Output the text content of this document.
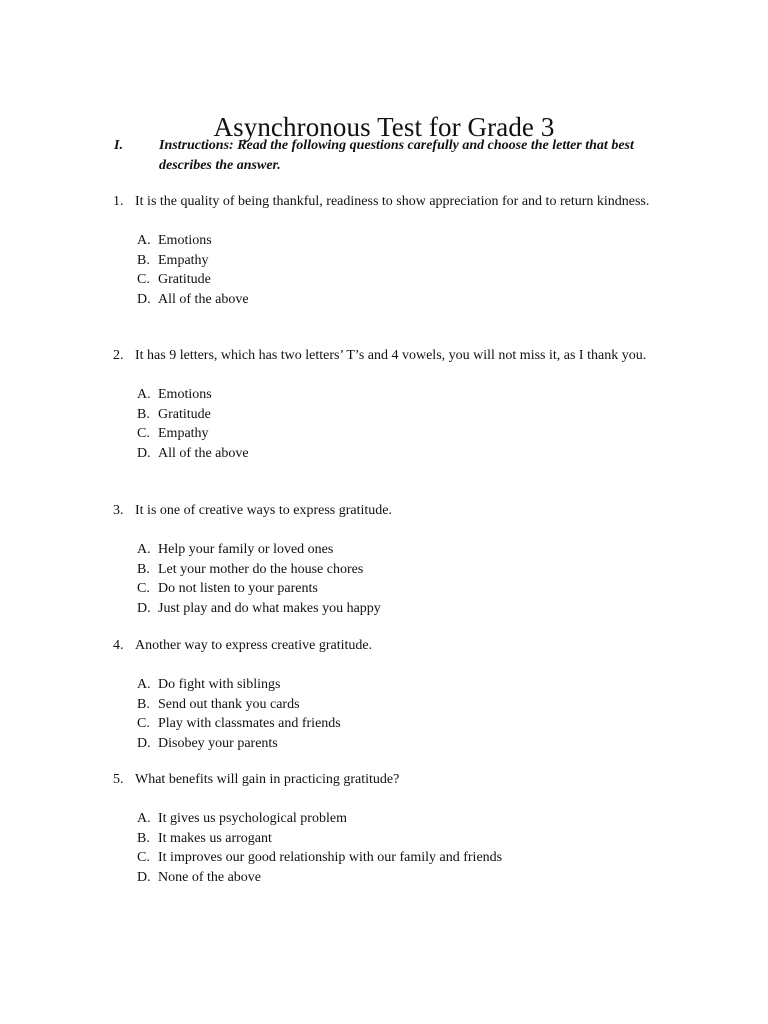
Asynchronous Test for Grade 3
I.	Instructions: Read the following questions carefully and choose the letter that best describes the answer.
1. It is the quality of being thankful, readiness to show appreciation for and to return kindness.
A. Emotions
B. Empathy
C. Gratitude
D. All of the above
2. It has 9 letters, which has two letters’ T’s and 4 vowels, you will not miss it, as I thank you.
A. Emotions
B. Gratitude
C. Empathy
D. All of the above
3. It is one of creative ways to express gratitude.
A. Help your family or loved ones
B. Let your mother do the house chores
C. Do not listen to your parents
D. Just play and do what makes you happy
4. Another way to express creative gratitude.
A. Do fight with siblings
B. Send out thank you cards
C. Play with classmates and friends
D. Disobey your parents
5. What benefits will gain in practicing gratitude?
A. It gives us psychological problem
B. It makes us arrogant
C. It improves our good relationship with our family and friends
D. None of the above
